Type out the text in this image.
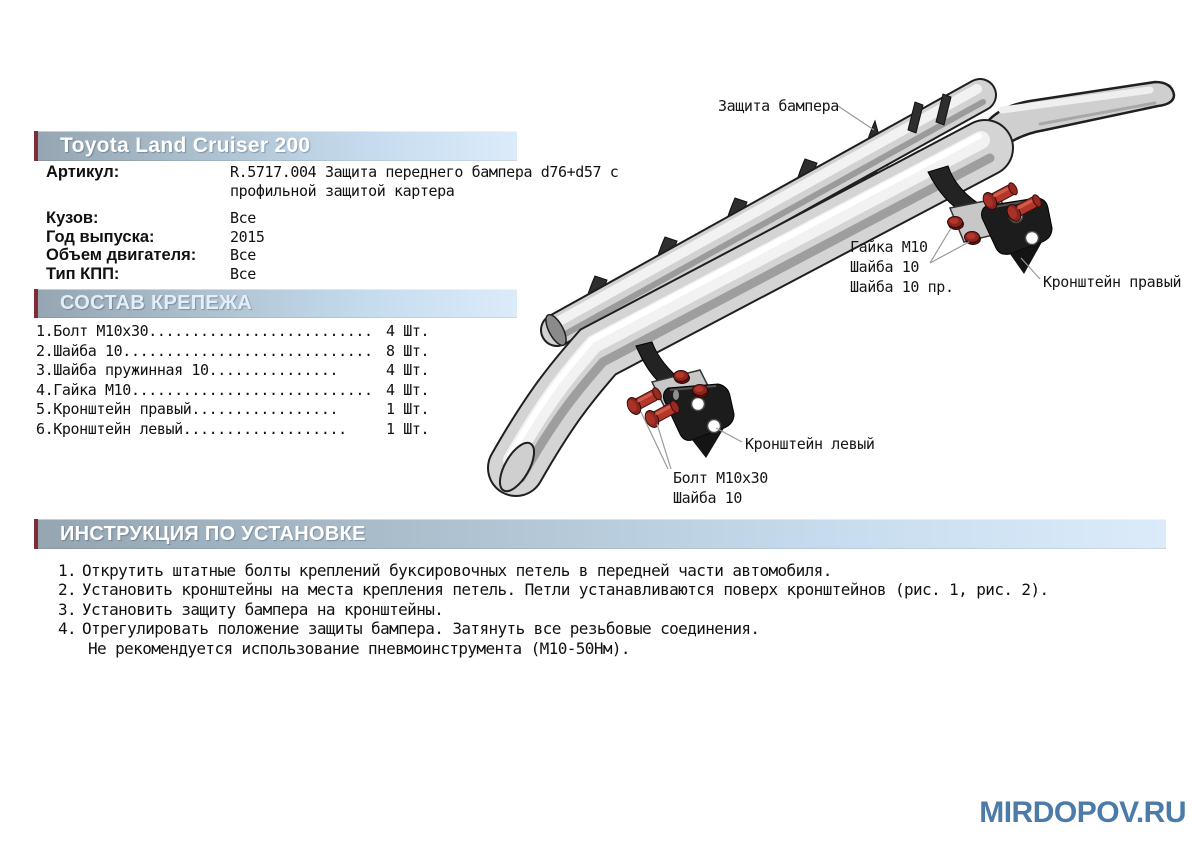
Защита бампера
Гайка М10
Шайба 10
Шайба 10 пр.	Кронштейн правый
Кронштейн левый
Болт М10х30
Шайба 10
Toyota Land Cruiser 200
Артикул:	R.5717.004 Защита переднего бампера d76+d57 с профильной защитой картера
Кузов:	Все
Год выпуска:	2015
Объем двигателя:	Все
Тип КПП:	Все
СОСТАВ КРЕПЕЖА
1.Болт М10х30.......................... 4 Шт.
2.Шайба 10............................. 8 Шт.
3.Шайба пружинная 10...............	4 Шт.
4.Гайка М10............................ 4 Шт.
5.Кронштейн правый.................	1 Шт.
6.Кронштейн левый...................	1 Шт.
ИНСТРУКЦИЯ ПО УСТАНОВКЕ
1. Открутить штатные болты креплений буксировочных петель в передней части автомобиля.
2. Установить кронштейны на места крепления петель. Петли устанавливаются поверх кронштейнов (рис. 1, рис. 2).
3. Установить защиту бампера на кронштейны.
4. Отрегулировать положение защиты бампера. Затянуть все резьбовые соединения.
Не рекомендуется использование пневмоинструмента (М10-50Нм).
MIRDOPOV.RU
